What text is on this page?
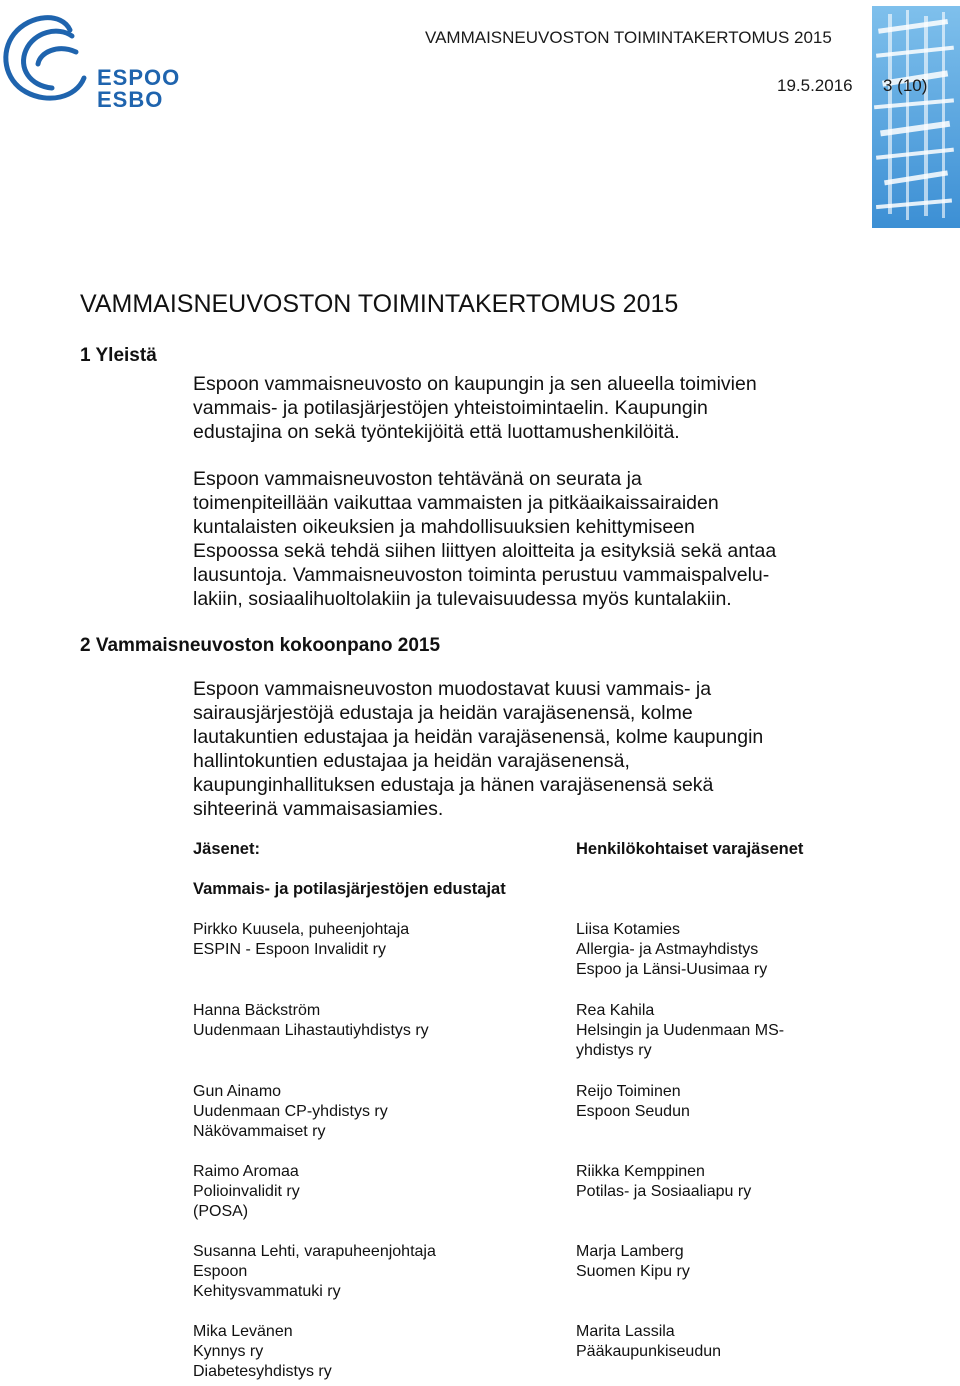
ESPOO
ESBO
VAMMAISNEUVOSTON TOIMINTAKERTOMUS 2015
19.5.2016 3 (10)
VAMMAISNEUVOSTON TOIMINTAKERTOMUS 2015
1 Yleistä
Espoon vammaisneuvosto on kaupungin ja sen alueella toimivien
vammais- ja potilasjärjestöjen yhteistoimintaelin. Kaupungin
edustajina on sekä työntekijöitä että luottamushenkilöitä.
Espoon vammaisneuvoston tehtävänä on seurata ja
toimenpiteillään vaikuttaa vammaisten ja pitkäaikaissairaiden
kuntalaisten oikeuksien ja mahdollisuuksien kehittymiseen
Espoossa sekä tehdä siihen liittyen aloitteita ja esityksiä sekä antaa
lausuntoja. Vammaisneuvoston toiminta perustuu vammaispalvelu-
lakiin, sosiaalihuoltolakiin ja tulevaisuudessa myös kuntalakiin.
2 Vammaisneuvoston kokoonpano 2015
Espoon vammaisneuvoston muodostavat kuusi vammais- ja
sairausjärjestöjä edustaja ja heidän varajäsenensä, kolme
lautakuntien edustajaa ja heidän varajäsenensä, kolme kaupungin
hallintokuntien edustajaa ja heidän varajäsenensä,
kaupunginhallituksen edustaja ja hänen varajäsenensä sekä
sihteerinä vammaisasiamies.
Jäsenet:	Henkilökohtaiset varajäsenet
Vammais- ja potilasjärjestöjen edustajat
Pirkko Kuusela, puheenjohtaja
ESPIN - Espoon Invalidit ry
Liisa Kotamies
Allergia- ja Astmayhdistys
Espoo ja Länsi-Uusimaa ry
Hanna Bäckström
Uudenmaan Lihastautiyhdistys ry
Rea Kahila
Helsingin ja Uudenmaan MS-
yhdistys ry
Gun Ainamo
Uudenmaan CP-yhdistys ry
Näkövammaiset ry
Reijo Toiminen
Espoon Seudun
Raimo Aromaa
Polioinvalidit ry
(POSA)
Riikka Kemppinen
Potilas- ja Sosiaaliapu ry
Susanna Lehti, varapuheenjohtaja
Espoon
Kehitysvammatuki ry
Marja Lamberg
Suomen Kipu ry
Mika Levänen
Kynnys ry
Diabetesyhdistys ry
Marita Lassila
Pääkaupunkiseudun
